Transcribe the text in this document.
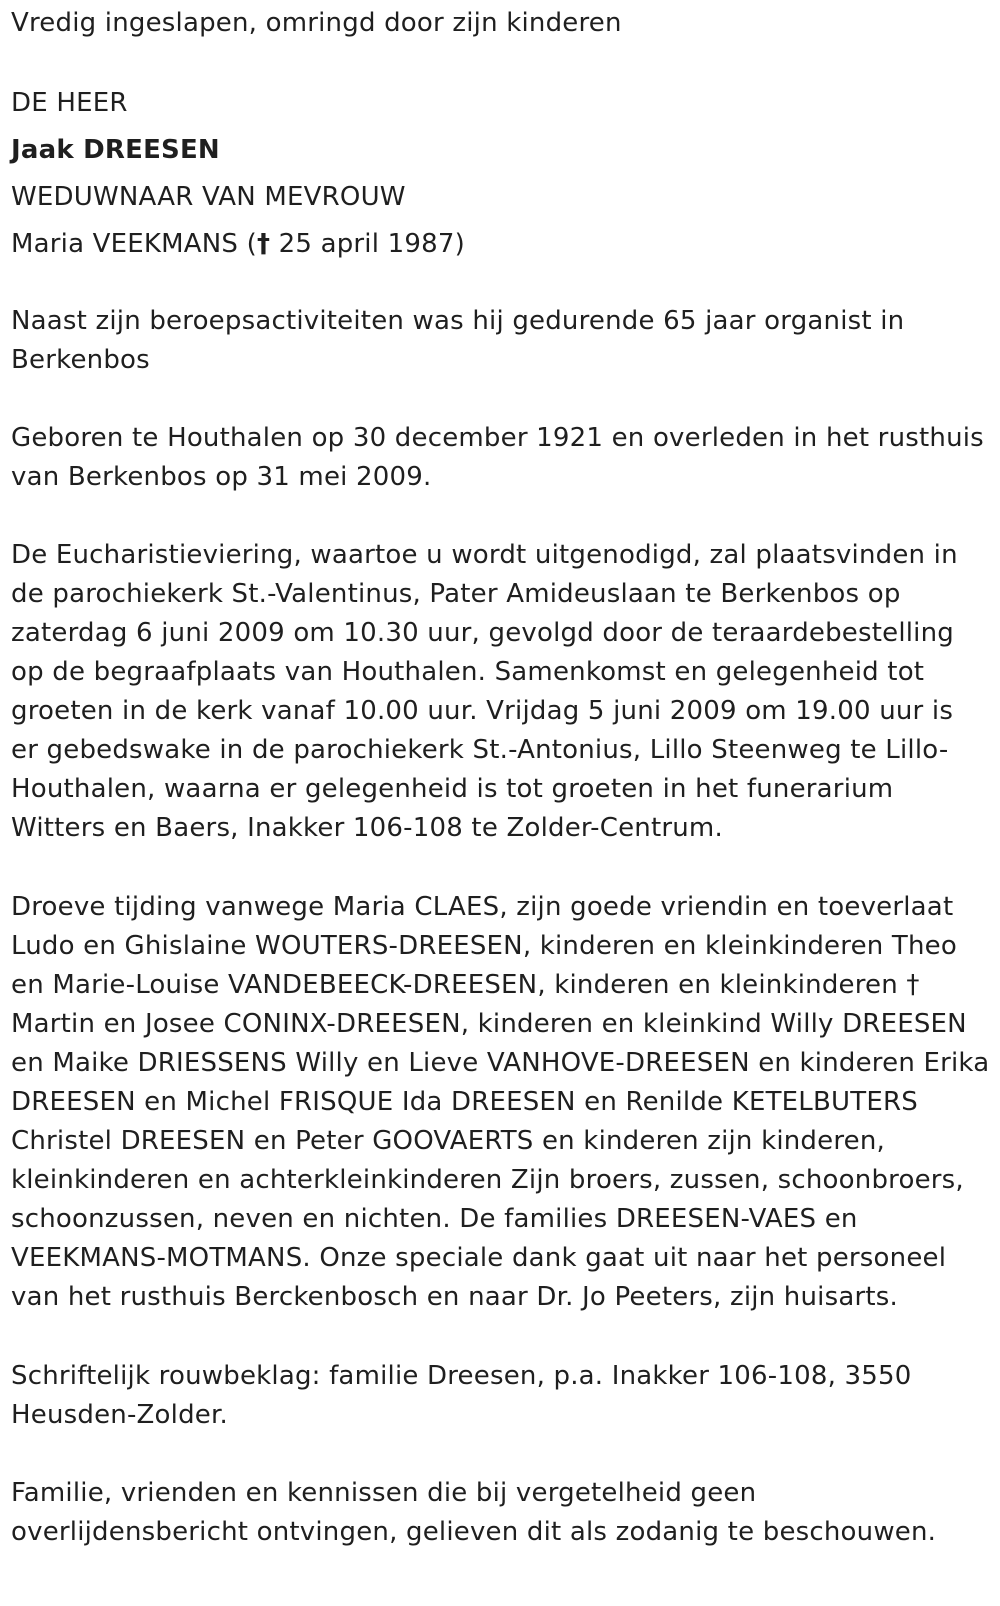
Vredig ingeslapen, omringd door zijn kinderen

DE HEER

Jaak DREESEN

WEDUWNAAR VAN MEVROUW

Maria VEEKMANS († 25 april 1987)

Naast zijn beroepsactiviteiten was hij gedurende 65 jaar organist in

Berkenbos

Geboren te Houthalen op 30 december 1921 en overleden in het rusthuis

van Berkenbos op 31 mei 2009.

De Eucharistieviering, waartoe u wordt uitgenodigd, zal plaatsvinden in

de parochiekerk St.-Valentinus, Pater Amideuslaan te Berkenbos op

zaterdag 6 juni 2009 om 10.30 uur, gevolgd door de teraardebestelling

op de begraafplaats van Houthalen. Samenkomst en gelegenheid tot

groeten in de kerk vanaf 10.00 uur. Vrijdag 5 juni 2009 om 19.00 uur is

er gebedswake in de parochiekerk St.-Antonius, Lillo Steenweg te Lillo-

Houthalen, waarna er gelegenheid is tot groeten in het funerarium

Witters en Baers, Inakker 106-108 te Zolder-Centrum.

Droeve tijding vanwege Maria CLAES, zijn goede vriendin en toeverlaat

Ludo en Ghislaine WOUTERS-DREESEN, kinderen en kleinkinderen Theo

en Marie-Louise VANDEBEECK-DREESEN, kinderen en kleinkinderen †

Martin en Josee CONINX-DREESEN, kinderen en kleinkind Willy DREESEN

en Maike DRIESSENS Willy en Lieve VANHOVE-DREESEN en kinderen Erika

DREESEN en Michel FRISQUE Ida DREESEN en Renilde KETELBUTERS

Christel DREESEN en Peter GOOVAERTS en kinderen zijn kinderen,

kleinkinderen en achterkleinkinderen Zijn broers, zussen, schoonbroers,

schoonzussen, neven en nichten. De families DREESEN-VAES en

VEEKMANS-MOTMANS. Onze speciale dank gaat uit naar het personeel

van het rusthuis Berckenbosch en naar Dr. Jo Peeters, zijn huisarts.

Schriftelijk rouwbeklag: familie Dreesen, p.a. Inakker 106-108, 3550

Heusden-Zolder.

Familie, vrienden en kennissen die bij vergetelheid geen

overlijdensbericht ontvingen, gelieven dit als zodanig te beschouwen.
